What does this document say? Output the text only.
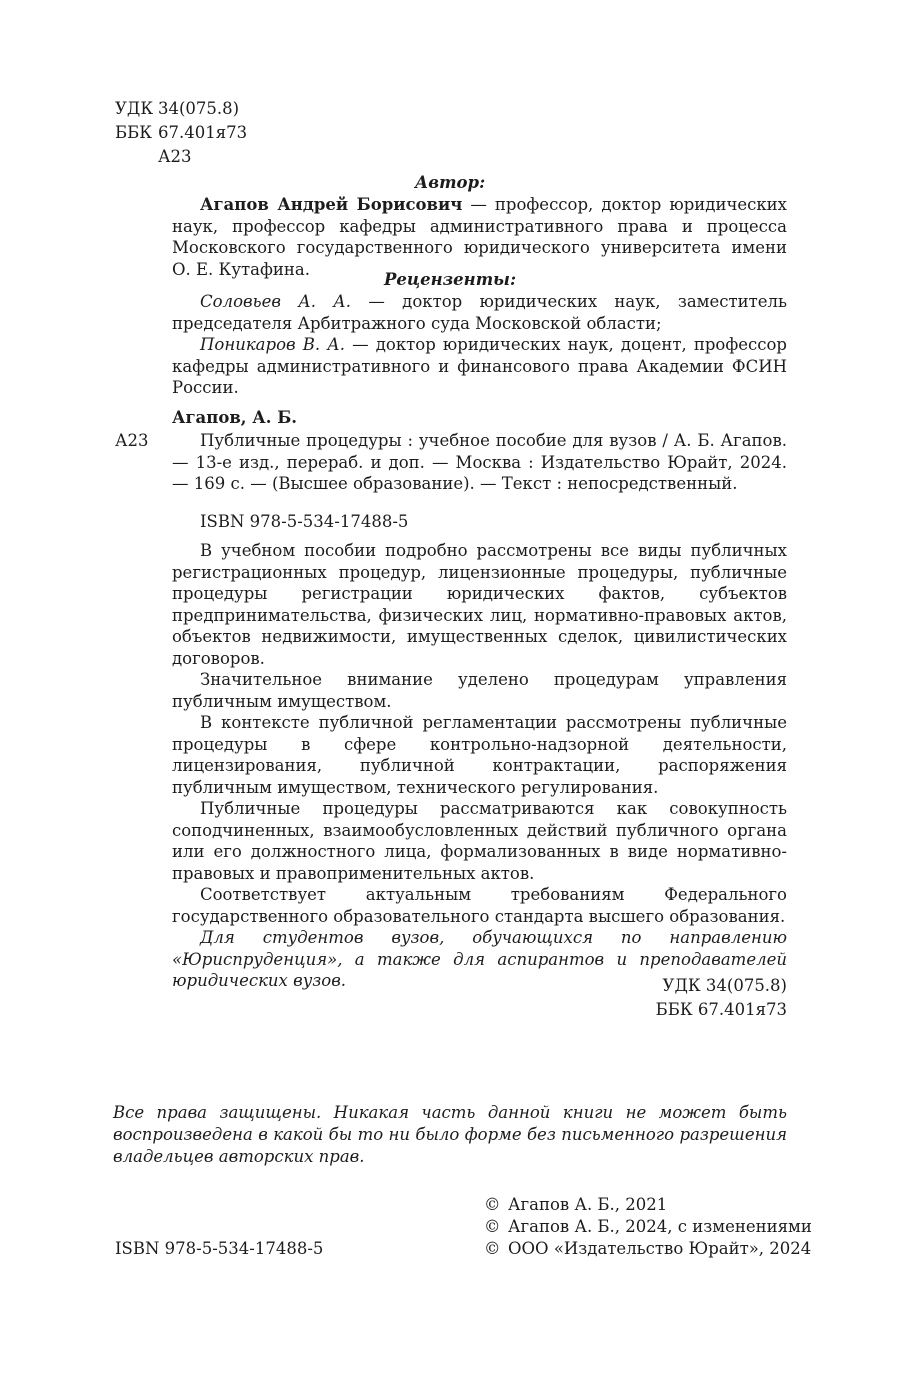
УДК 34(075.8)
ББК 67.401я73
А23
Автор:
Агапов Андрей Борисович — профессор, доктор юридических наук, профессор кафедры административного права и процесса Московского государственного юридического университета имени О. Е. Кутафина.
Рецензенты:

Соловьев А. А. — доктор юридических наук, заместитель председателя Арбитражного суда Московской области;

Поникаров В. А. — доктор юридических наук, доцент, профессор кафедры административного и финансового права Академии ФСИН России.

Агапов, А. Б.
А23	Публичные процедуры : учебное пособие для вузов / А. Б. Агапов. — 13-е изд., перераб. и доп. — Москва : Издательство Юрайт, 2024. — 169 с. — (Высшее образование). — Текст : непосредственный.

ISBN 978-5-534-17488-5

В учебном пособии подробно рассмотрены все виды публичных регистрационных процедур, лицензионные процедуры, публичные процедуры регистрации юридических фактов, субъектов предпринимательства, физических лиц, нормативно-правовых актов, объектов недвижимости, имущественных сделок, цивилистических договоров.

Значительное внимание уделено процедурам управления публичным имуществом.

В контексте публичной регламентации рассмотрены публичные процедуры в сфере контрольно-надзорной деятельности, лицензирования, публичной контрактации, распоряжения публичным имуществом, технического регулирования.

Публичные процедуры рассматриваются как совокупность соподчиненных, взаимообусловленных действий публичного органа или его должностного лица, формализованных в виде нормативно-правовых и правоприменительных актов.

Соответствует актуальным требованиям Федерального государственного образовательного стандарта высшего образования.

Для студентов вузов, обучающихся по направлению «Юриспруденция», а также для аспирантов и преподавателей юридических вузов.	УДК 34(075.8)
ББК 67.401я73
Все права защищены. Никакая часть данной книги не может быть воспроизведена в какой бы то ни было форме без письменного разрешения владельцев авторских прав.
© Агапов А. Б., 2021
© Агапов А. Б., 2024, с изменениями
© ООО «Издательство Юрайт», 2024
ISBN 978-5-534-17488-5
